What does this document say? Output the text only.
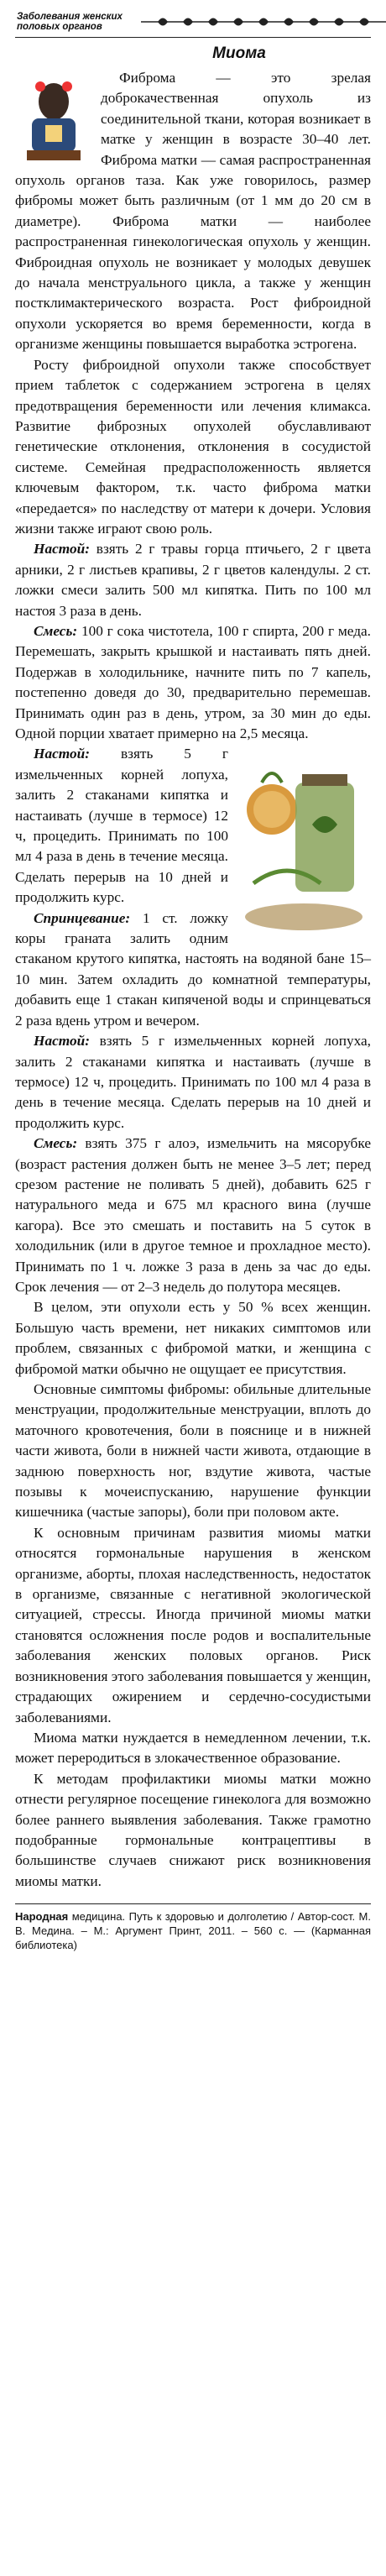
Заболевания женских половых органов
Миома

Фиброма — это зрелая доброкачественная опухоль из соединительной ткани, которая возникает в матке у женщин в возрасте 30–40 лет. Фиброма матки — самая распространенная опухоль органов таза. Как уже говорилось, размер фибромы может быть различным (от 1 мм до 20 см в диаметре). Фиброма матки — наиболее распространенная гинекологическая опухоль у женщин. Фиброидная опухоль не возникает у молодых девушек до начала менструального цикла, а также у женщин постклимактерического возраста. Рост фиброидной опухоли ускоряется во время беременности, когда в организме женщины повышается выработка эстрогена.

Росту фиброидной опухоли также способствует прием таблеток с содержанием эстрогена в целях предотвращения беременности или лечения климакса. Развитие фиброзных опухолей обуславливают генетические отклонения, отклонения в сосудистой системе. Семейная предрасположенность является ключевым фактором, т.к. часто фиброма матки «передается» по наследству от матери к дочери. Условия жизни также играют свою роль.

Настой: взять 2 г травы горца птичьего, 2 г цвета арники, 2 г листьев крапивы, 2 г цветов календулы. 2 ст. ложки смеси залить 500 мл кипятка. Пить по 100 мл настоя 3 раза в день.

Смесь: 100 г сока чистотела, 100 г спирта, 200 г меда. Перемешать, закрыть крышкой и настаивать пять дней. Подержав в холодильнике, начните пить по 7 капель, постепенно доведя до 30, предварительно перемешав. Принимать один раз в день, утром, за 30 мин до еды. Одной порции хватает примерно на 2,5 месяца.

Настой: взять 5 г измельченных корней лопуха, залить 2 стаканами кипятка и настаивать (лучше в термосе) 12 ч, процедить. Принимать по 100 мл 4 раза в день в течение месяца. Сделать перерыв на 10 дней и продолжить курс.

Спринцевание: 1 ст. ложку коры граната залить одним стаканом крутого кипятка, настоять на водяной бане 15–10 мин. Затем охладить до комнатной температуры, добавить еще 1 стакан кипяченой воды и спринцеваться 2 раза вдень утром и вечером.

Настой: взять 5 г измельченных корней лопуха, залить 2 стаканами кипятка и настаивать (лучше в термосе) 12 ч, процедить. Принимать по 100 мл 4 раза в день в течение месяца. Сделать перерыв на 10 дней и продолжить курс.

Смесь: взять 375 г алоэ, измельчить на мясорубке (возраст растения должен быть не менее 3–5 лет; перед срезом растение не поливать 5 дней), добавить 625 г натурального меда и 675 мл красного вина (лучше кагора). Все это смешать и поставить на 5 суток в холодильник (или в другое темное и прохладное место). Принимать по 1 ч. ложке 3 раза в день за час до еды. Срок лечения — от 2–3 недель до полутора месяцев.

В целом, эти опухоли есть у 50 % всех женщин. Большую часть времени, нет никаких симптомов или проблем, связанных с фибромой матки, и женщина с фибромой матки обычно не ощущает ее присутствия.

Основные симптомы фибромы: обильные длительные менструации, продолжительные менструации, вплоть до маточного кровотечения, боли в пояснице и в нижней части живота, боли в нижней части живота, отдающие в заднюю поверхность ног, вздутие живота, частые позывы к мочеиспусканию, нарушение функции кишечника (частые запоры), боли при половом акте.

К основным причинам развития миомы матки относятся гормональные нарушения в женском организме, аборты, плохая наследственность, недостаток в организме, связанные с негативной экологической ситуацией, стрессы. Иногда причиной миомы матки становятся осложнения после родов и воспалительные заболевания женских половых органов. Риск возникновения этого заболевания повышается у женщин, страдающих ожирением и сердечно-сосудистыми заболеваниями.

Миома матки нуждается в немедленном лечении, т.к. может переродиться в злокачественное образование.

К методам профилактики миомы матки можно отнести регулярное посещение гинеколога для возможно более раннего выявления заболевания. Также грамотно подобранные гормональные контрацептивы в большинстве случаев снижают риск возникновения миомы матки.

Народная медицина. Путь к здоровью и долголетию / Автор-сост. М. В. Медина. – М.: Аргумент Принт, 2011. – 560 с. — (Карманная библиотека)
